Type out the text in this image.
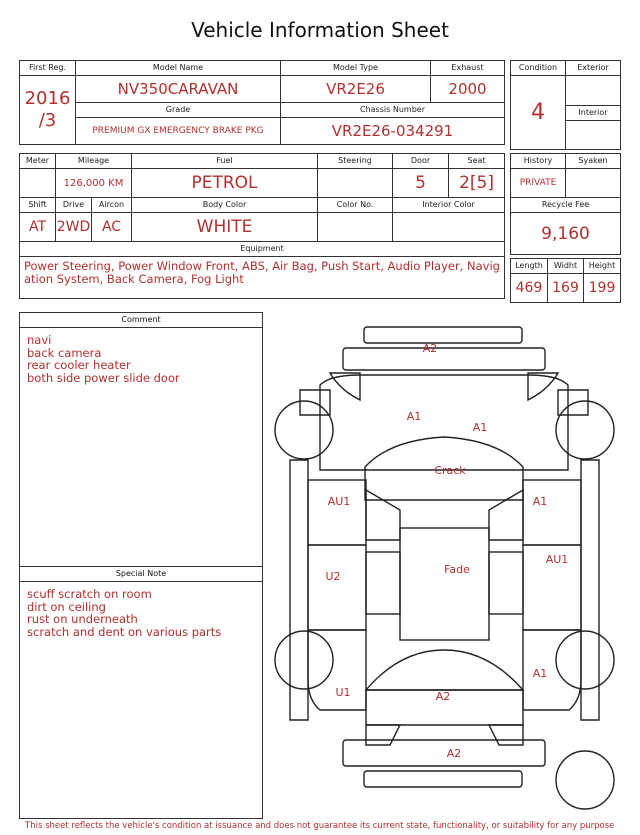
Vehicle Information Sheet
First Reg.	Model Name	Model Type	Exhaust

2016
/3	NV350CARAVAN	VR2E26	2000
	Grade	Chassis Number	
	PREMIUM GX EMERGENCY BRAKE PKG	VR2E26-034291	
Condition	Exterior
4	
	Interior

Meter	Mileage		Fuel	Steering	Door	Seat
	126,000 KM		PETROL		5	2[5]
Shift	Drive	Aircon	Body Color	Color No.	Interior Color	
AT	2WD	AC	WHITE			
Equipment						
Power Steering, Power Window Front, ABS, Air Bag, Push Start, Audio Player, Navigation System, Back Camera, Fog Light						
History	Syaken
PRIVATE	
Recycle Fee	
9,160	
Length	Widht	Height
469	169	199
Comment
navi
back camera
rear cooler heater
both side power slide door
Special Note
scuff scratch on room
dirt on ceiling
rust on underneath
scratch and dent on various parts
A2
A1
A1
Crack
AU1	A1
AU1
U2
Fade
U1
A1
A2
A2
This sheet reflects the vehicle's condition at issuance and does not guarantee its current state, functionality, or suitability for any purpose
